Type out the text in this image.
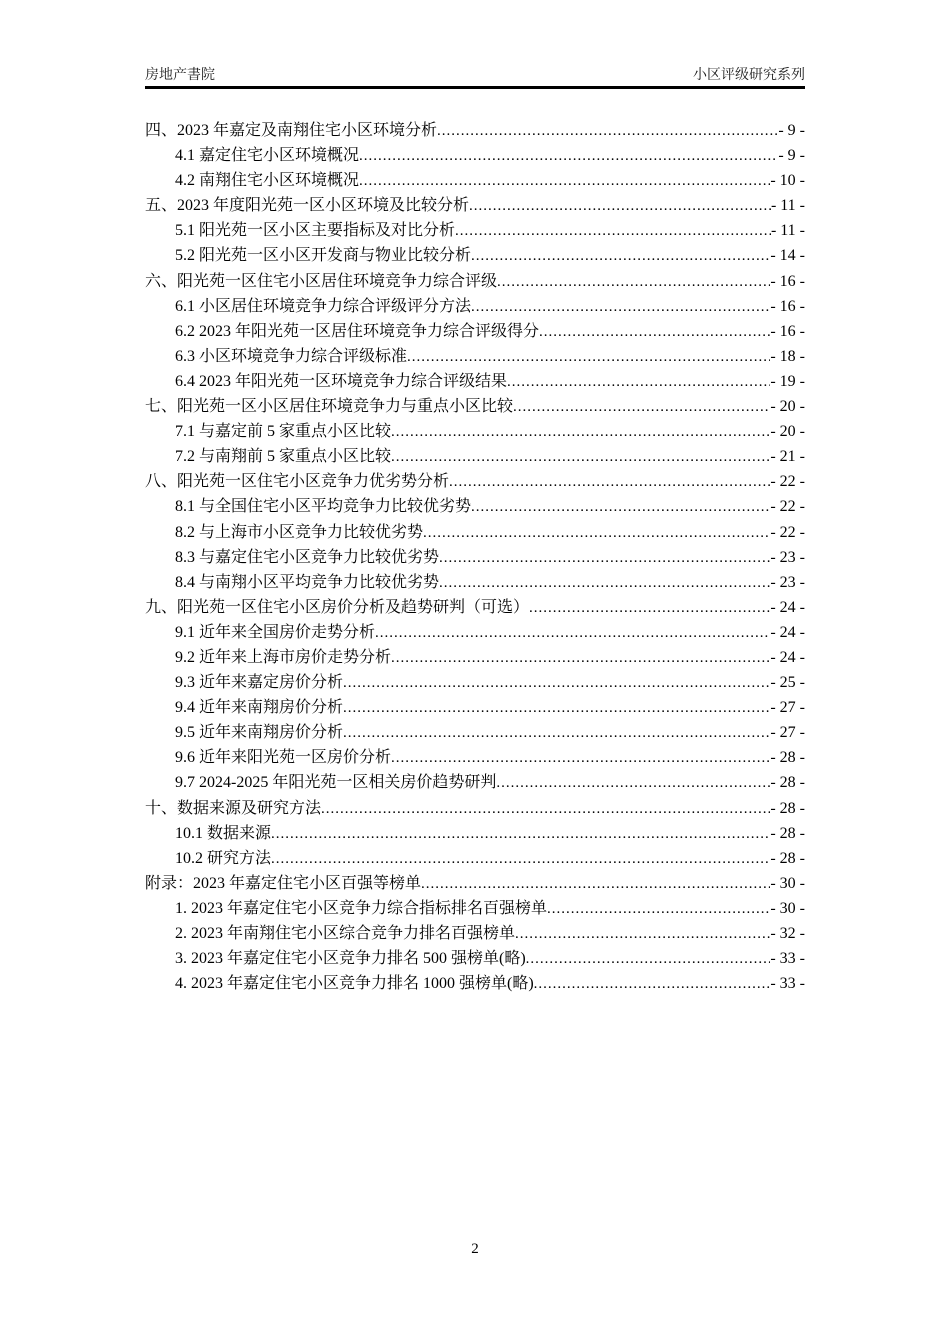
房地产書院	小区评级研究系列
四、2023 年嘉定及南翔住宅小区环境分析 .....	- 9 -
4.1 嘉定住宅小区环境概况 .....	- 9 -
4.2 南翔住宅小区环境概况 .....	- 10 -
五、2023 年度阳光苑一区小区环境及比较分析 .....	- 11 -
5.1 阳光苑一区小区主要指标及对比分析 .....	- 11 -
5.2 阳光苑一区小区开发商与物业比较分析 .....	- 14 -
六、阳光苑一区住宅小区居住环境竞争力综合评级 .....	- 16 -
6.1 小区居住环境竞争力综合评级评分方法 .....	- 16 -
6.2 2023 年阳光苑一区居住环境竞争力综合评级得分 .....	- 16 -
6.3 小区环境竞争力综合评级标准 .....	- 18 -
6.4 2023 年阳光苑一区环境竞争力综合评级结果 .....	- 19 -
七、阳光苑一区小区居住环境竞争力与重点小区比较 .....	- 20 -
7.1 与嘉定前 5 家重点小区比较 .....	- 20 -
7.2 与南翔前 5 家重点小区比较 .....	- 21 -
八、阳光苑一区住宅小区竞争力优劣势分析 .....	- 22 -
8.1 与全国住宅小区平均竞争力比较优劣势 .....	- 22 -
8.2 与上海市小区竞争力比较优劣势 .....	- 22 -
8.3 与嘉定住宅小区竞争力比较优劣势 .....	- 23 -
8.4 与南翔小区平均竞争力比较优劣势 .....	- 23 -
九、阳光苑一区住宅小区房价分析及趋势研判（可选） .....	- 24 -
9.1 近年来全国房价走势分析 .....	- 24 -
9.2 近年来上海市房价走势分析 .....	- 24 -
9.3 近年来嘉定房价分析 .....	- 25 -
9.4 近年来南翔房价分析 .....	- 27 -
9.5 近年来南翔房价分析 .....	- 27 -
9.6 近年来阳光苑一区房价分析 .....	- 28 -
9.7 2024-2025 年阳光苑一区相关房价趋势研判 .....	- 28 -
十、数据来源及研究方法 .....	- 28 -
10.1 数据来源 .....	- 28 -
10.2 研究方法 .....	- 28 -
附录：2023 年嘉定住宅小区百强等榜单 .....	- 30 -
1. 2023 年嘉定住宅小区竞争力综合指标排名百强榜单 .....	- 30 -
2. 2023 年南翔住宅小区综合竞争力排名百强榜单 .....	- 32 -
3. 2023 年嘉定住宅小区竞争力排名 500 强榜单(略) .....	- 33 -
4. 2023 年嘉定住宅小区竞争力排名 1000 强榜单(略) .....	- 33 -
2
